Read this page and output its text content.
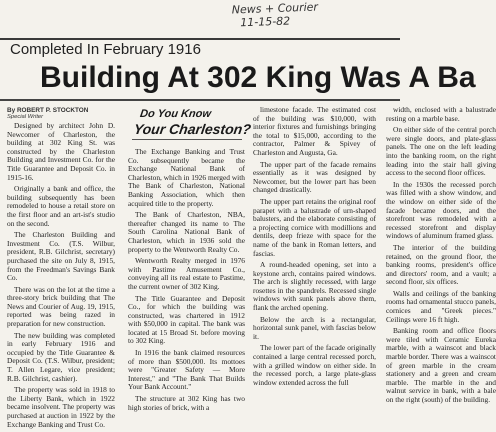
News + Courier
11-15-82
Completed In February 1916
Building At 302 King Was A Ba
By ROBERT P. STOCKTON
Special Writer	Do You Know
Your Charleston?

Designed by architect John D. Newcomer of Charleston, the building at 302 King St. was constructed by the Charleston Building and Investment Co. for the Title Guarantee and Deposit Co. in 1915-16.

Originally a bank and office, the building subsequently has been remodeled to house a retail store on the first floor and an art-ist's studio on the second.

The Charleston Building and Investment Co. (T.S. Wilbur, president, R.B. Gilchrist, secretary) purchased the site on July 8, 1915, from the Freedman's Savings Bank Co.

There was on the lot at the time a three-story brick building that The News and Courier of Aug. 19, 1915, reported was being razed in preparation for new construction.

The new building was completed in early February 1916 and occupied by the Title Guarantee & Deposit Co. (T.S. Wilbur, president; T. Allen Legare, vice president; R.B. Gilchrist, cashier).

The property was sold in 1918 to the Liberty Bank, which in 1922 became insolvent. The property was purchased at auction in 1922 by the Exchange Banking and Trust Co.

The Exchange Banking and Trust Co. subsequently became the Exchange National Bank of Charleston, which in 1926 merged with The Bank of Charleston, National Banking Association, which then acquired title to the property.

The Bank of Charleston, NBA, thereafter changed its name to The South Carolina National Bank of Charleston, which in 1936 sold the property to the Wentworth Realty Co.

Wentworth Realty merged in 1976 with Pastime Amusement Co., conveying all its real estate to Pastime, the current owner of 302 King.

The Title Guarantee and Deposit Co., for which the building was constructed, was chartered in 1912 with $50,000 in capital. The bank was located at 15 Broad St. before moving to 302 King.

In 1916 the bank claimed resources of more than $500,000. Its mottoes were "Greater Safety — More Interest," and "The Bank That Builds Your Bank Account."

The structure at 302 King has two high stories of brick, with a

limestone facade. The estimated cost of the building was $10,000, with interior fixtures and furnishings bringing the total to $15,000, according to the contractor, Palmer & Spivey of Charleston and Augusta, Ga.

The upper part of the facade remains essentially as it was designed by Newcomer, but the lower part has been changed drastically.

The upper part retains the original roof parapet with a balustrade of urn-shaped balusters, and the elaborate consisting of a projecting cornice with modillions and dentils, deep frieze with space for the name of the bank in Roman letters, and fascias.

A round-headed opening, set into a keystone arch, contains paired windows. The arch is slightly recessed, with large rosettes in the spandrels. Recessed single windows with sunk panels above them, flank the arched opening.

Below the arch is a rectangular, horizontal sunk panel, with fascias below it.

The lower part of the facade originally contained a large central recessed porch, with a grilled window on either side. In the recessed porch, a large plate-glass window extended across the full

width, enclosed with a balustrade resting on a marble base.

On either side of the central porch were single doors, and plate-glass panels. The one on the left leading into the banking room, on the right leading into the stair hall giving access to the second floor offices.

In the 1930s the recessed porch was filled with a show window, and the window on either side of the facade became doors, and the storefront was remodeled with a recessed storefront and display windows of aluminum framed glass.

The interior of the building retained, on the ground floor, the banking rooms, president's office and directors' room, and a vault; a second floor, six offices.

Walls and ceilings of the banking rooms had ornamental stucco panels, cornices and "Greek pieces." Ceilings were 16 ft high.

Banking room and office floors were tiled with Ceramic Eureka marble, with a wainscot and black marble border. There was a wainscot of green marble in the cream stationery and a green and cream marble. The marble in the and walnut service in bank, with a bale on the right (south) of the building.
